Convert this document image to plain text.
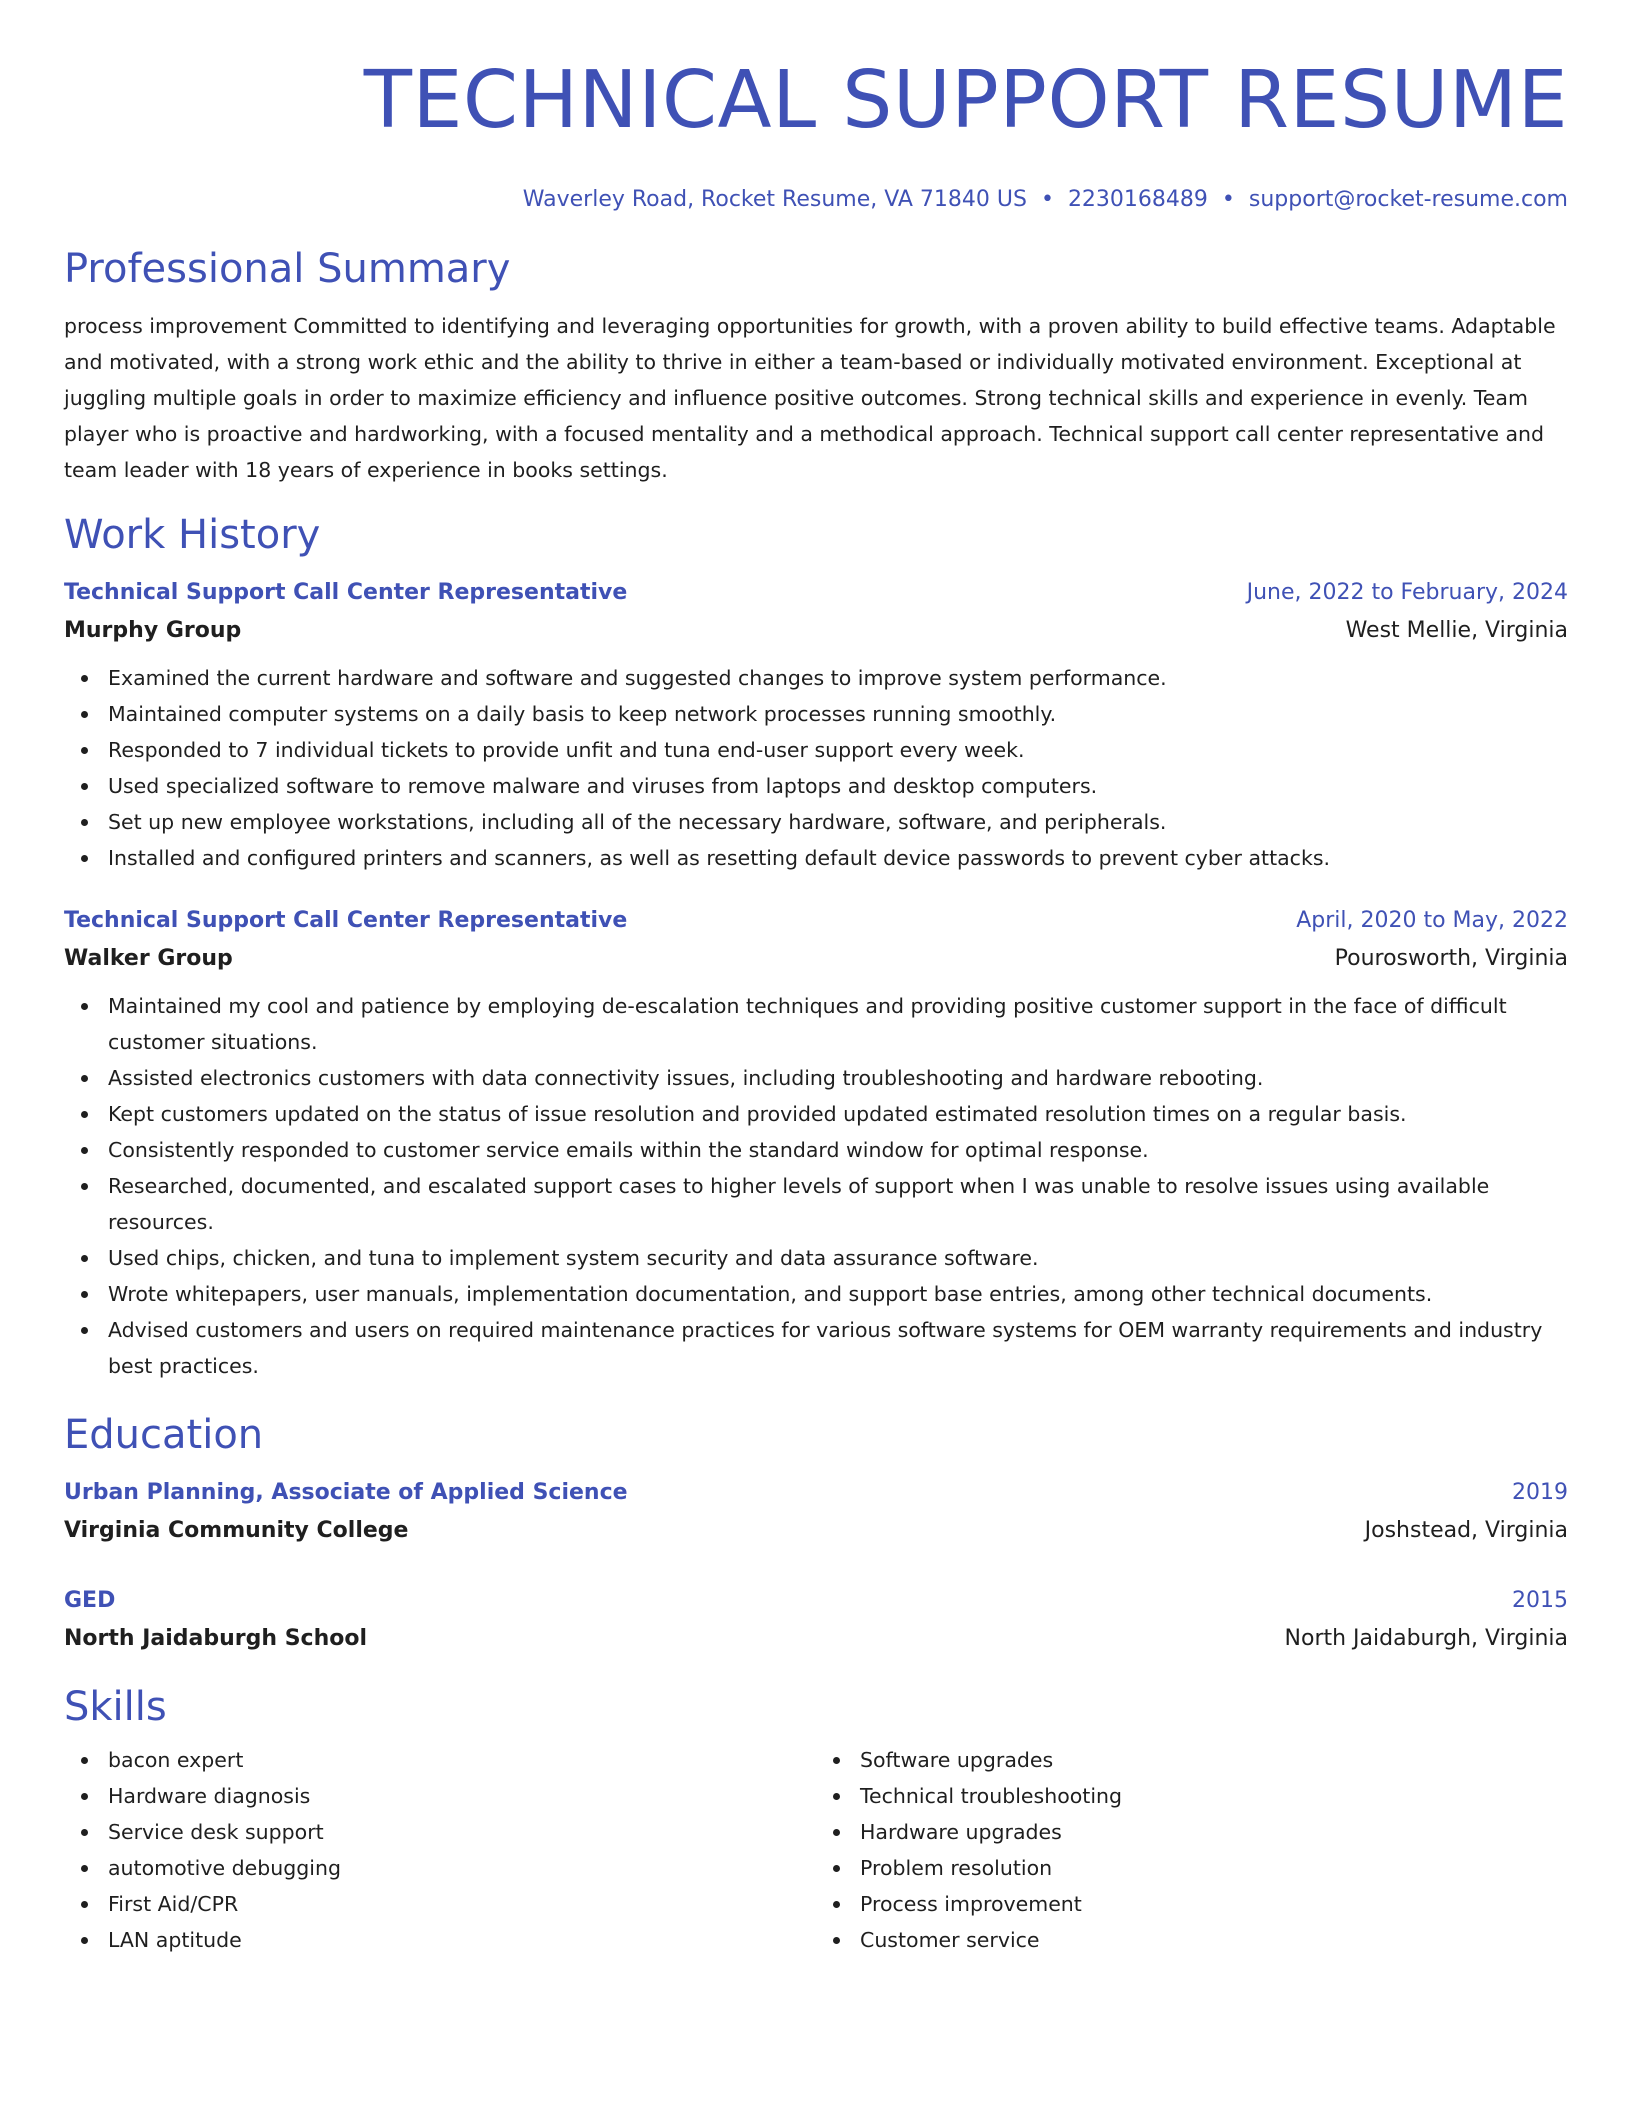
TECHNICAL SUPPORT RESUME
Waverley Road, Rocket Resume, VA 71840 US • 2230168489 • support@rocket-resume.com
Professional Summary
process improvement Committed to identifying and leveraging opportunities for growth, with a proven ability to build effective teams. Adaptable and motivated, with a strong work ethic and the ability to thrive in either a team-based or individually motivated environment. Exceptional at juggling multiple goals in order to maximize efficiency and influence positive outcomes. Strong technical skills and experience in evenly. Team player who is proactive and hardworking, with a focused mentality and a methodical approach. Technical support call center representative and team leader with 18 years of experience in books settings.
Work History
Technical Support Call Center Representative	June, 2022 to February, 2024
Murphy Group	West Mellie, Virginia
Examined the current hardware and software and suggested changes to improve system performance.
Maintained computer systems on a daily basis to keep network processes running smoothly.
Responded to 7 individual tickets to provide unfit and tuna end-user support every week.
Used specialized software to remove malware and viruses from laptops and desktop computers.
Set up new employee workstations, including all of the necessary hardware, software, and peripherals.
Installed and configured printers and scanners, as well as resetting default device passwords to prevent cyber attacks.
Technical Support Call Center Representative	April, 2020 to May, 2022
Walker Group	Pourosworth, Virginia
Maintained my cool and patience by employing de-escalation techniques and providing positive customer support in the face of difficult customer situations.
Assisted electronics customers with data connectivity issues, including troubleshooting and hardware rebooting.
Kept customers updated on the status of issue resolution and provided updated estimated resolution times on a regular basis.
Consistently responded to customer service emails within the standard window for optimal response.
Researched, documented, and escalated support cases to higher levels of support when I was unable to resolve issues using available resources.
Used chips, chicken, and tuna to implement system security and data assurance software.
Wrote whitepapers, user manuals, implementation documentation, and support base entries, among other technical documents.
Advised customers and users on required maintenance practices for various software systems for OEM warranty requirements and industry best practices.
Education
Urban Planning, Associate of Applied Science	2019
Virginia Community College	Joshstead, Virginia
GED	2015
North Jaidaburgh School	North Jaidaburgh, Virginia
Skills
bacon expert
Hardware diagnosis
Service desk support
automotive debugging
First Aid/CPR
LAN aptitude
Software upgrades
Technical troubleshooting
Hardware upgrades
Problem resolution
Process improvement
Customer service
